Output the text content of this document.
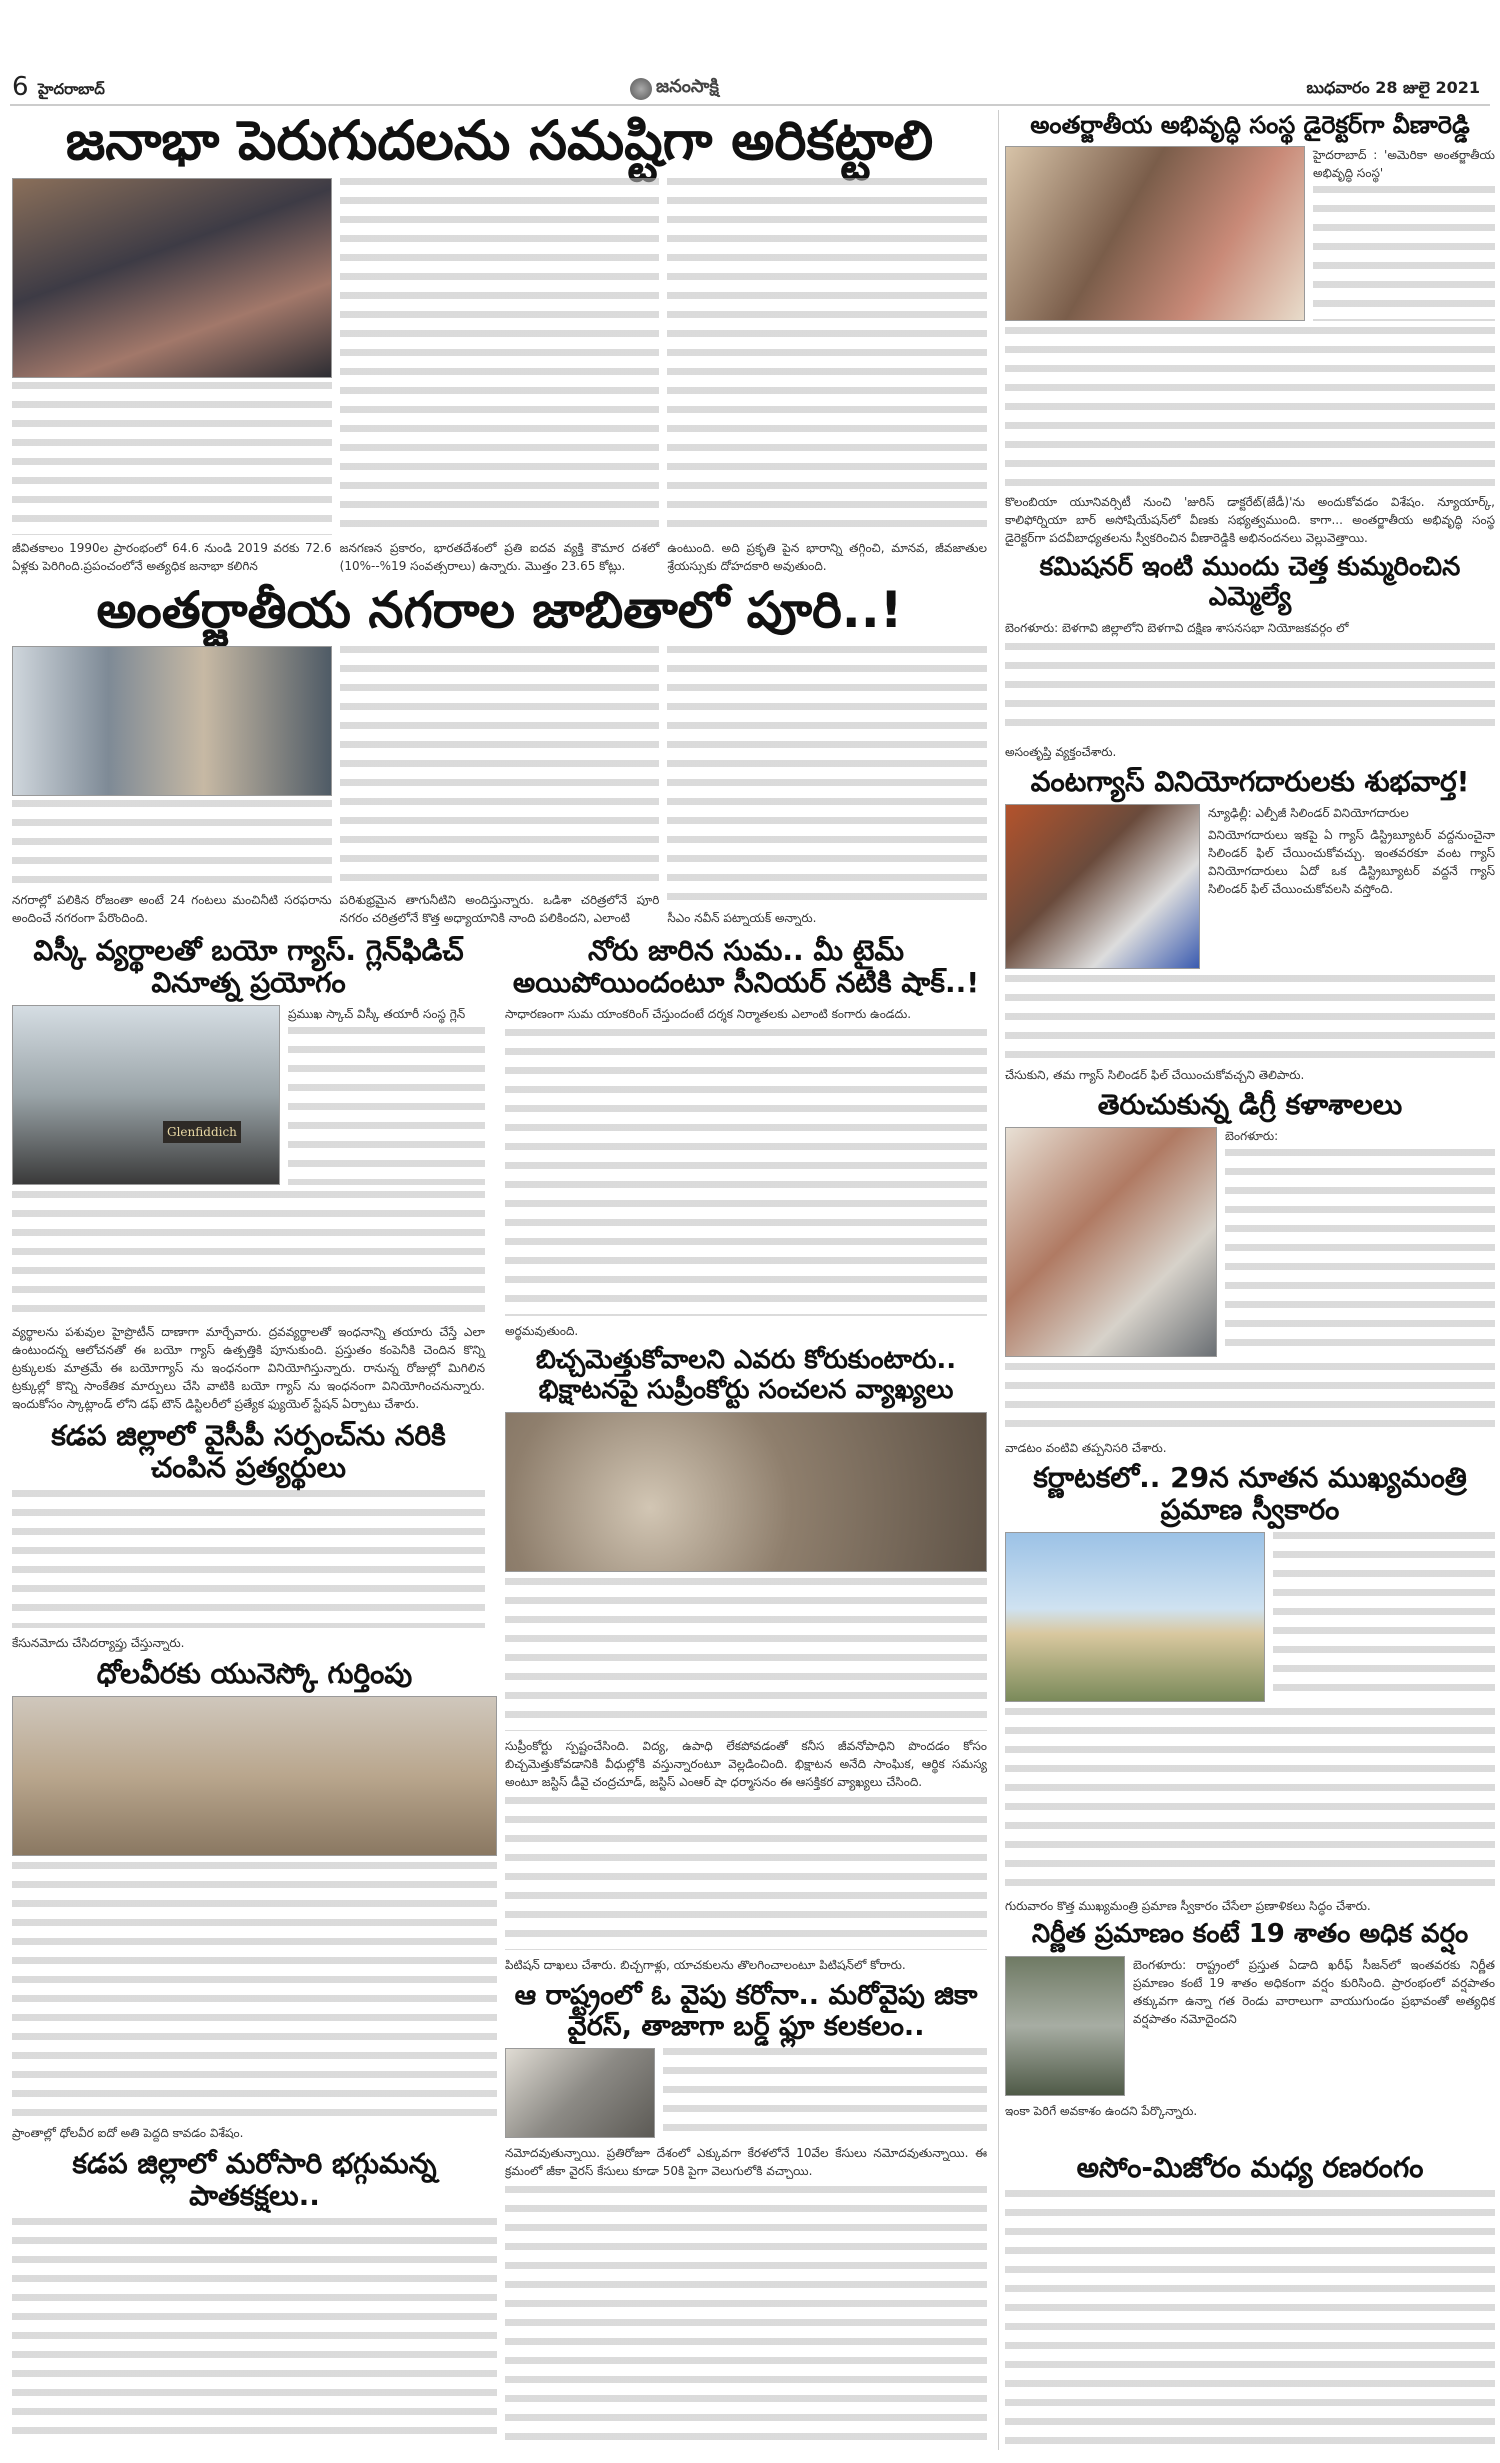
6 హైదరాబాద్	జనంసాక్షి	బుధవారం 28 జులై 2021
జనాభా పెరుగుదలను సమష్టిగా అరికట్టాలి
జీవితకాలం 1990ల ప్రారంభంలో 64.6 నుండి 2019 వరకు 72.6 ఏళ్లకు పెరిగింది.ప్రపంచంలోనే అత్యధిక జనాభా కలిగిన
జనగణన ప్రకారం, భారతదేశంలో ప్రతి ఐదవ వ్యక్తి కౌమార దశలో (10%--%19 సంవత్సరాలు) ఉన్నారు. మొత్తం 23.65 కోట్లు.
ఉంటుంది. అది ప్రకృతి పైన భారాన్ని తగ్గించి, మానవ, జీవజాతుల శ్రేయస్సుకు దోహదకారి అవుతుంది.
అంతర్జాతీయ నగరాల జాబితాలో పూరి..!
నగరాల్లో పలికిన రోజంతా అంటే 24 గంటలు మంచినీటి సరఫరాను అందించే నగరంగా పేరొందింది.
పరిశుభ్రమైన తాగునీటిని అందిస్తున్నారు. ఒడిశా చరిత్రలోనే పూరి నగరం చరిత్రలోనే కొత్త అధ్యాయానికి నాంది పలికిందని, ఎలాంటి	సీఎం నవీన్ పట్నాయక్ అన్నారు.
అంతర్జాతీయ అభివృద్ధి సంస్థ డైరెక్టర్‌గా వీణారెడ్డి
హైదరాబాద్ : 'అమెరికా అంతర్జాతీయ అభివృద్ధి సంస్థ'
కొలంబియా యూనివర్సిటీ నుంచి 'జురిస్ డాక్టరేట్(జేడీ)'ను అందుకోవడం విశేషం. న్యూయార్క్, కాలిఫోర్నియా బార్ అసోషియేషన్‌లో వీణకు సభ్యత్వముంది. కాగా... అంతర్జాతీయ అభివృద్ధి సంస్థ డైరెక్టర్‌గా పదవీబాధ్యతలను స్వీకరించిన వీణారెడ్డికి అభినందనలు వెల్లువెత్తాయి.
కమిషనర్ ఇంటి ముందు చెత్త కుమ్మరించిన ఎమ్మెల్యే
బెంగళూరు: బెళగావి జిల్లాలోని బెళగావి దక్షిణ శాసనసభా నియోజకవర్గం లో
అసంతృప్తి వ్యక్తంచేశారు.
వంటగ్యాస్ వినియోగదారులకు శుభవార్త!
న్యూఢిల్లీ: ఎల్పీజీ సిలిండర్ వినియోగదారుల
వినియోగదారులు ఇకపై ఏ గ్యాస్ డిస్ట్రిబ్యూటర్ వద్దనుంచైనా సిలిండర్ ఫిల్ చేయించుకోవచ్చు. ఇంతవరకూ వంట గ్యాస్ వినియోగదారులు ఏదో ఒక డిస్ట్రిబ్యూటర్ వద్దనే గ్యాస్ సిలిండర్ ఫిల్ చేయించుకోవలసి వస్తోంది.
చేసుకుని, తమ గ్యాస్ సిలిండర్ ఫిల్ చేయించుకోవచ్చని తెలిపారు.
తెరుచుకున్న డిగ్రీ కళాశాలలు
బెంగళూరు:
వాడటం వంటివి తప్పనిసరి చేశారు.
కర్ణాటకలో.. 29న నూతన ముఖ్యమంత్రి ప్రమాణ స్వీకారం
గురువారం కొత్త ముఖ్యమంత్రి ప్రమాణ స్వీకారం చేసేలా ప్రణాళికలు సిద్ధం చేశారు.
నిర్ణీత ప్రమాణం కంటే 19 శాతం అధిక వర్షం
బెంగళూరు: రాష్ట్రంలో ప్రస్తుత ఏడాది ఖరీఫ్ సీజన్‌లో ఇంతవరకు నిర్ణీత ప్రమాణం కంటే 19 శాతం అధికంగా వర్షం కురిసింది. ప్రారంభంలో వర్షపాతం తక్కువగా ఉన్నా గత రెండు వారాలుగా వాయుగుండం ప్రభావంతో అత్యధిక వర్షపాతం నమోదైందని
ఇంకా పెరిగే అవకాశం ఉందని పేర్కొన్నారు.
అసోం-మిజోరం మధ్య రణరంగం
విస్కీ వ్యర్థాలతో బయో గ్యాస్. గ్లెన్‌ఫిడిచ్ వినూత్న ప్రయోగం
Glenfiddich
ప్రముఖ స్కాచ్ విస్కీ తయారీ సంస్థ గ్లెన్
వ్యర్థాలను పశువుల హైప్రొటీన్ దాణాగా మార్చేవారు. ద్రవవ్యర్థాలతో ఇంధనాన్ని తయారు చేస్తే ఎలా ఉంటుందన్న ఆలోచనతో ఈ బయో గ్యాస్ ఉత్పత్తికి పూనుకుంది. ప్రస్తుతం కంపెనీకి చెందిన కొన్ని ట్రక్కులకు మాత్రమే ఈ బయోగ్యాస్ ను ఇంధనంగా వినియోగిస్తున్నారు. రానున్న రోజుల్లో మిగిలిన ట్రక్కుల్లో కొన్ని సాంకేతిక మార్పులు చేసి వాటికి బయో గ్యాస్ ను ఇంధనంగా వినియోగించనున్నారు. ఇందుకోసం స్కాట్లాండ్ లోని డఫ్ టౌన్ డిస్టిలరీలో ప్రత్యేక ఫ్యుయెల్ స్టేషన్ ఏర్పాటు చేశారు.
కడప జిల్లాలో వైసీపీ సర్పంచ్‌ను నరికి చంపిన ప్రత్యర్థులు
కేసునమోదు చేసిదర్యాప్తు చేస్తున్నారు.
ధోలవీరకు యునెస్కో గుర్తింపు
ప్రాంతాల్లో ధోలవీర ఐదో అతి పెద్దది కావడం విశేషం.
కడప జిల్లాలో మరోసారి భగ్గుమన్న పాతకక్షలు..
నోరు జారిన సుమ.. మీ టైమ్ అయిపోయిందంటూ సీనియర్ నటికి షాక్..!
సాధారణంగా సుమ యాంకరింగ్ చేస్తుందంటే దర్శక నిర్మాతలకు ఎలాంటి కంగారు ఉండదు.
అర్థమవుతుంది.
బిచ్చమెత్తుకోవాలని ఎవరు కోరుకుంటారు.. భిక్షాటనపై సుప్రీంకోర్టు సంచలన వ్యాఖ్యలు
సుప్రీంకోర్టు స్పష్టంచేసింది. విద్య, ఉపాధి లేకపోవడంతో కనీస జీవనోపాధిని పొందడం కోసం బిచ్చమెత్తుకోవడానికి వీధుల్లోకి వస్తున్నారంటూ వెల్లడించింది. భిక్షాటన అనేది సాంఘిక, ఆర్థిక సమస్య అంటూ జస్టిస్ డీవై చంద్రచూడ్, జస్టిస్ ఎంఆర్ షా ధర్మాసనం ఈ ఆసక్తికర వ్యాఖ్యలు చేసింది.
పిటిషన్ దాఖలు చేశారు. బిచ్చగాళ్లు, యాచకులను తొలగించాలంటూ పిటిషన్‌లో కోరారు.
ఆ రాష్ట్రంలో ఓ వైపు కరోనా.. మరోవైపు జికా వైరస్, తాజాగా బర్డ్ ఫ్లూ కలకలం..
నమోదవుతున్నాయి. ప్రతిరోజూ దేశంలో ఎక్కువగా కేరళలోనే 10వేల కేసులు నమోదవుతున్నాయి. ఈ క్రమంలో జీకా వైరస్ కేసులు కూడా 50కి పైగా వెలుగులోకి వచ్చాయి.
